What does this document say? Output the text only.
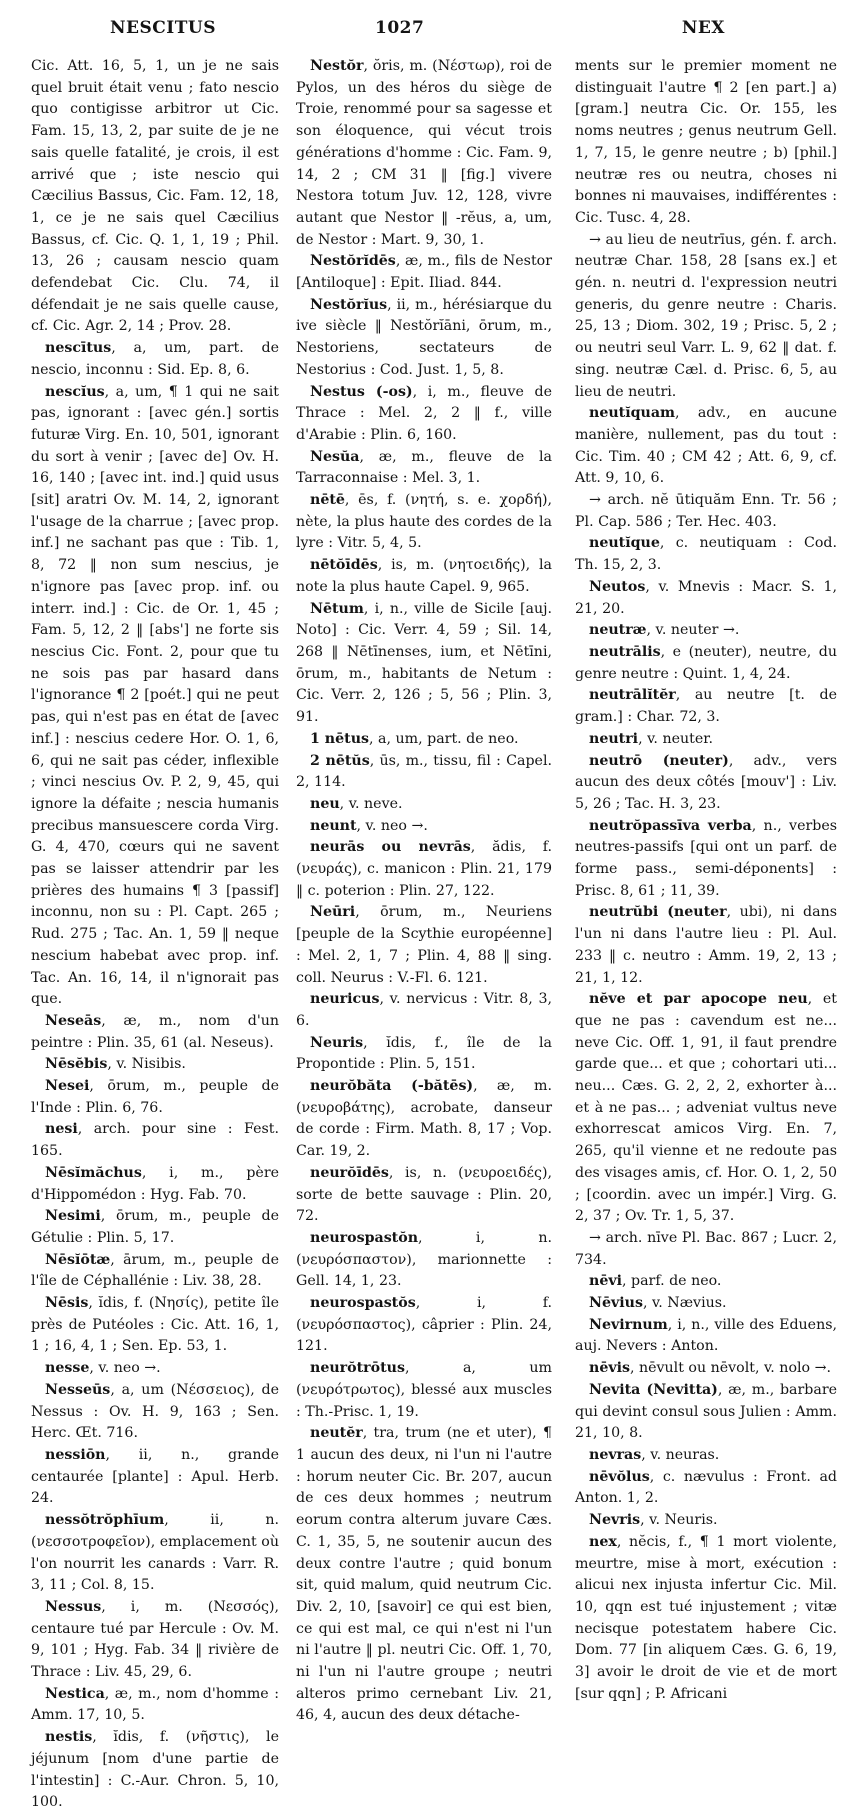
NESCITUS	1027	NEX

Cic. Att. 16, 5, 1, un je ne sais quel bruit était venu ; fato nescio quo contigisse arbitror ut Cic. Fam. 15, 13, 2, par suite de je ne sais quelle fatalité, je crois, il est arrivé que ; iste nescio qui Cæcilius Bassus, Cic. Fam. 12, 18, 1, ce je ne sais quel Cæcilius Bassus, cf. Cic. Q. 1, 1, 19 ; Phil. 13, 26 ; causam nescio quam defendebat Cic. Clu. 74, il défendait je ne sais quelle cause, cf. Cic. Agr. 2, 14 ; Prov. 28.

nescītus, a, um, part. de nescio, inconnu : Sid. Ep. 8, 6.

nescĭus, a, um, ¶ 1 qui ne sait pas, ignorant : [avec gén.] sortis futuræ Virg. En. 10, 501, ignorant du sort à venir ; [avec de] Ov. H. 16, 140 ; [avec int. ind.] quid usus [sit] aratri Ov. M. 14, 2, ignorant l'usage de la charrue ; [avec prop. inf.] ne sachant pas que : Tib. 1, 8, 72 ‖ non sum nescius, je n'ignore pas [avec prop. inf. ou interr. ind.] : Cic. de Or. 1, 45 ; Fam. 5, 12, 2 ‖ [abs'] ne forte sis nescius Cic. Font. 2, pour que tu ne sois pas par hasard dans l'ignorance ¶ 2 [poét.] qui ne peut pas, qui n'est pas en état de [avec inf.] : nescius cedere Hor. O. 1, 6, 6, qui ne sait pas céder, inflexible ; vinci nescius Ov. P. 2, 9, 45, qui ignore la défaite ; nescia humanis precibus mansuescere corda Virg. G. 4, 470, cœurs qui ne savent pas se laisser attendrir par les prières des humains ¶ 3 [passif] inconnu, non su : Pl. Capt. 265 ; Rud. 275 ; Tac. An. 1, 59 ‖ neque nescium habebat avec prop. inf. Tac. An. 16, 14, il n'ignorait pas que.

Neseās, æ, m., nom d'un peintre : Plin. 35, 61 (al. Neseus).

Nēsĕbis, v. Nisibis.

Nesei, ōrum, m., peuple de l'Inde : Plin. 6, 76.

nesi, arch. pour sine : Fest. 165.

Nēsĭmăchus, i, m., père d'Hippomédon : Hyg. Fab. 70.

Nesimi, ōrum, m., peuple de Gétulie : Plin. 5, 17.

Nēsĭōtæ, ārum, m., peuple de l'île de Céphallénie : Liv. 38, 28.

Nēsis, ĭdis, f. (Νησίς), petite île près de Putéoles : Cic. Att. 16, 1, 1 ; 16, 4, 1 ; Sen. Ep. 53, 1.

nesse, v. neo →.

Nesseūs, a, um (Νέσσειος), de Nessus : Ov. H. 9, 163 ; Sen. Herc. Œt. 716.

nessiōn, ii, n., grande centaurée [plante] : Apul. Herb. 24.

nessŏtrŏphīum, ii, n. (νεσσοτροφεῖον), emplacement où l'on nourrit les canards : Varr. R. 3, 11 ; Col. 8, 15.

Nessus, i, m. (Νεσσός), centaure tué par Hercule : Ov. M. 9, 101 ; Hyg. Fab. 34 ‖ rivière de Thrace : Liv. 45, 29, 6.

Nestica, æ, m., nom d'homme : Amm. 17, 10, 5.

nestis, ĭdis, f. (νῆστις), le jéjunum [nom d'une partie de l'intestin] : C.-Aur. Chron. 5, 10, 100.

Nestŏr, ŏris, m. (Νέστωρ), roi de Pylos, un des héros du siège de Troie, renommé pour sa sagesse et son éloquence, qui vécut trois générations d'homme : Cic. Fam. 9, 14, 2 ; CM 31 ‖ [fig.] vivere Nestora totum Juv. 12, 128, vivre autant que Nestor ‖ -rĕus, a, um, de Nestor : Mart. 9, 30, 1.

Nestŏrĭdēs, æ, m., fils de Nestor [Antiloque] : Epit. Iliad. 844.

Nestŏrĭus, ii, m., hérésiarque du ive siècle ‖ Nestŏrĭāni, ōrum, m., Nestoriens, sectateurs de Nestorius : Cod. Just. 1, 5, 8.

Nestus (-os), i, m., fleuve de Thrace : Mel. 2, 2 ‖ f., ville d'Arabie : Plin. 6, 160.

Nesŭa, æ, m., fleuve de la Tarraconnaise : Mel. 3, 1.

nētē, ēs, f. (νητή, s. e. χορδή), nète, la plus haute des cordes de la lyre : Vitr. 5, 4, 5.

nētŏīdēs, is, m. (νητοειδής), la note la plus haute Capel. 9, 965.

Nētum, i, n., ville de Sicile [auj. Noto] : Cic. Verr. 4, 59 ; Sil. 14, 268 ‖ Nētīnenses, ium, et Nētīni, ōrum, m., habitants de Netum : Cic. Verr. 2, 126 ; 5, 56 ; Plin. 3, 91.

1 nētus, a, um, part. de neo.

2 nētŭs, ūs, m., tissu, fil : Capel. 2, 114.

neu, v. neve.

neunt, v. neo →.

neurās ou nevrās, ădis, f. (νευράς), c. manicon : Plin. 21, 179 ‖ c. poterion : Plin. 27, 122.

Neūri, ōrum, m., Neuriens [peuple de la Scythie européenne] : Mel. 2, 1, 7 ; Plin. 4, 88 ‖ sing. coll. Neurus : V.-Fl. 6. 121.

neuricus, v. nervicus : Vitr. 8, 3, 6.

Neuris, ĭdis, f., île de la Propontide : Plin. 5, 151.

neurŏbăta (-bătēs), æ, m. (νευροβάτης), acrobate, danseur de corde : Firm. Math. 8, 17 ; Vop. Car. 19, 2.

neurŏīdēs, is, n. (νευροειδές), sorte de bette sauvage : Plin. 20, 72.

neurospastŏn, i, n. (νευρόσπαστον), marionnette : Gell. 14, 1, 23.

neurospastŏs, i, f. (νευρόσπαστος), câprier : Plin. 24, 121.

neurŏtrōtus, a, um (νευρότρωτος), blessé aux muscles : Th.-Prisc. 1, 19.

neutĕr, tra, trum (ne et uter), ¶ 1 aucun des deux, ni l'un ni l'autre : horum neuter Cic. Br. 207, aucun de ces deux hommes ; neutrum eorum contra alterum juvare Cæs. C. 1, 35, 5, ne soutenir aucun des deux contre l'autre ; quid bonum sit, quid malum, quid neutrum Cic. Div. 2, 10, [savoir] ce qui est bien, ce qui est mal, ce qui n'est ni l'un ni l'autre ‖ pl. neutri Cic. Off. 1, 70, ni l'un ni l'autre groupe ; neutri alteros primo cernebant Liv. 21, 46, 4, aucun des deux détache-

ments sur le premier moment ne distinguait l'autre ¶ 2 [en part.] a) [gram.] neutra Cic. Or. 155, les noms neutres ; genus neutrum Gell. 1, 7, 15, le genre neutre ; b) [phil.] neutræ res ou neutra, choses ni bonnes ni mauvaises, indifférentes : Cic. Tusc. 4, 28.

→ au lieu de neutrīus, gén. f. arch. neutræ Char. 158, 28 [sans ex.] et gén. n. neutri d. l'expression neutri generis, du genre neutre : Charis. 25, 13 ; Diom. 302, 19 ; Prisc. 5, 2 ; ou neutri seul Varr. L. 9, 62 ‖ dat. f. sing. neutræ Cæl. d. Prisc. 6, 5, au lieu de neutri.

neutĭquam, adv., en aucune manière, nullement, pas du tout : Cic. Tim. 40 ; CM 42 ; Att. 6, 9, cf. Att. 9, 10, 6.

→ arch. nĕ ūtiquăm Enn. Tr. 56 ; Pl. Cap. 586 ; Ter. Hec. 403.

neutĭque, c. neutiquam : Cod. Th. 15, 2, 3.

Neutos, v. Mnevis : Macr. S. 1, 21, 20.

neutræ, v. neuter →.

neutrālis, e (neuter), neutre, du genre neutre : Quint. 1, 4, 24.

neutrālĭtĕr, au neutre [t. de gram.] : Char. 72, 3.

neutri, v. neuter.

neutrō (neuter), adv., vers aucun des deux côtés [mouv'] : Liv. 5, 26 ; Tac. H. 3, 23.

neutrŏpassīva verba, n., verbes neutres-passifs [qui ont un parf. de forme pass., semi-déponents] : Prisc. 8, 61 ; 11, 39.

neutrŭbi (neuter, ubi), ni dans l'un ni dans l'autre lieu : Pl. Aul. 233 ‖ c. neutro : Amm. 19, 2, 13 ; 21, 1, 12.

nĕve et par apocope neu, et que ne pas : cavendum est ne... neve Cic. Off. 1, 91, il faut prendre garde que... et que ; cohortari uti... neu... Cæs. G. 2, 2, 2, exhorter à... et à ne pas... ; adveniat vultus neve exhorrescat amicos Virg. En. 7, 265, qu'il vienne et ne redoute pas des visages amis, cf. Hor. O. 1, 2, 50 ; [coordin. avec un impér.] Virg. G. 2, 37 ; Ov. Tr. 1, 5, 37.

→ arch. nīve Pl. Bac. 867 ; Lucr. 2, 734.

nēvi, parf. de neo.

Nēvius, v. Nævius.

Nevirnum, i, n., ville des Eduens, auj. Nevers : Anton.

nēvis, nēvult ou nēvolt, v. nolo →.

Nevita (Nevitta), æ, m., barbare qui devint consul sous Julien : Amm. 21, 10, 8.

nevras, v. neuras.

nēvŏlus, c. nævulus : Front. ad Anton. 1, 2.

Nevris, v. Neuris.

nex, nĕcis, f., ¶ 1 mort violente, meurtre, mise à mort, exécution : alicui nex injusta infertur Cic. Mil. 10, qqn est tué injustement ; vitæ necisque potestatem habere Cic. Dom. 77 [in aliquem Cæs. G. 6, 19, 3] avoir le droit de vie et de mort [sur qqn] ; P. Africani
